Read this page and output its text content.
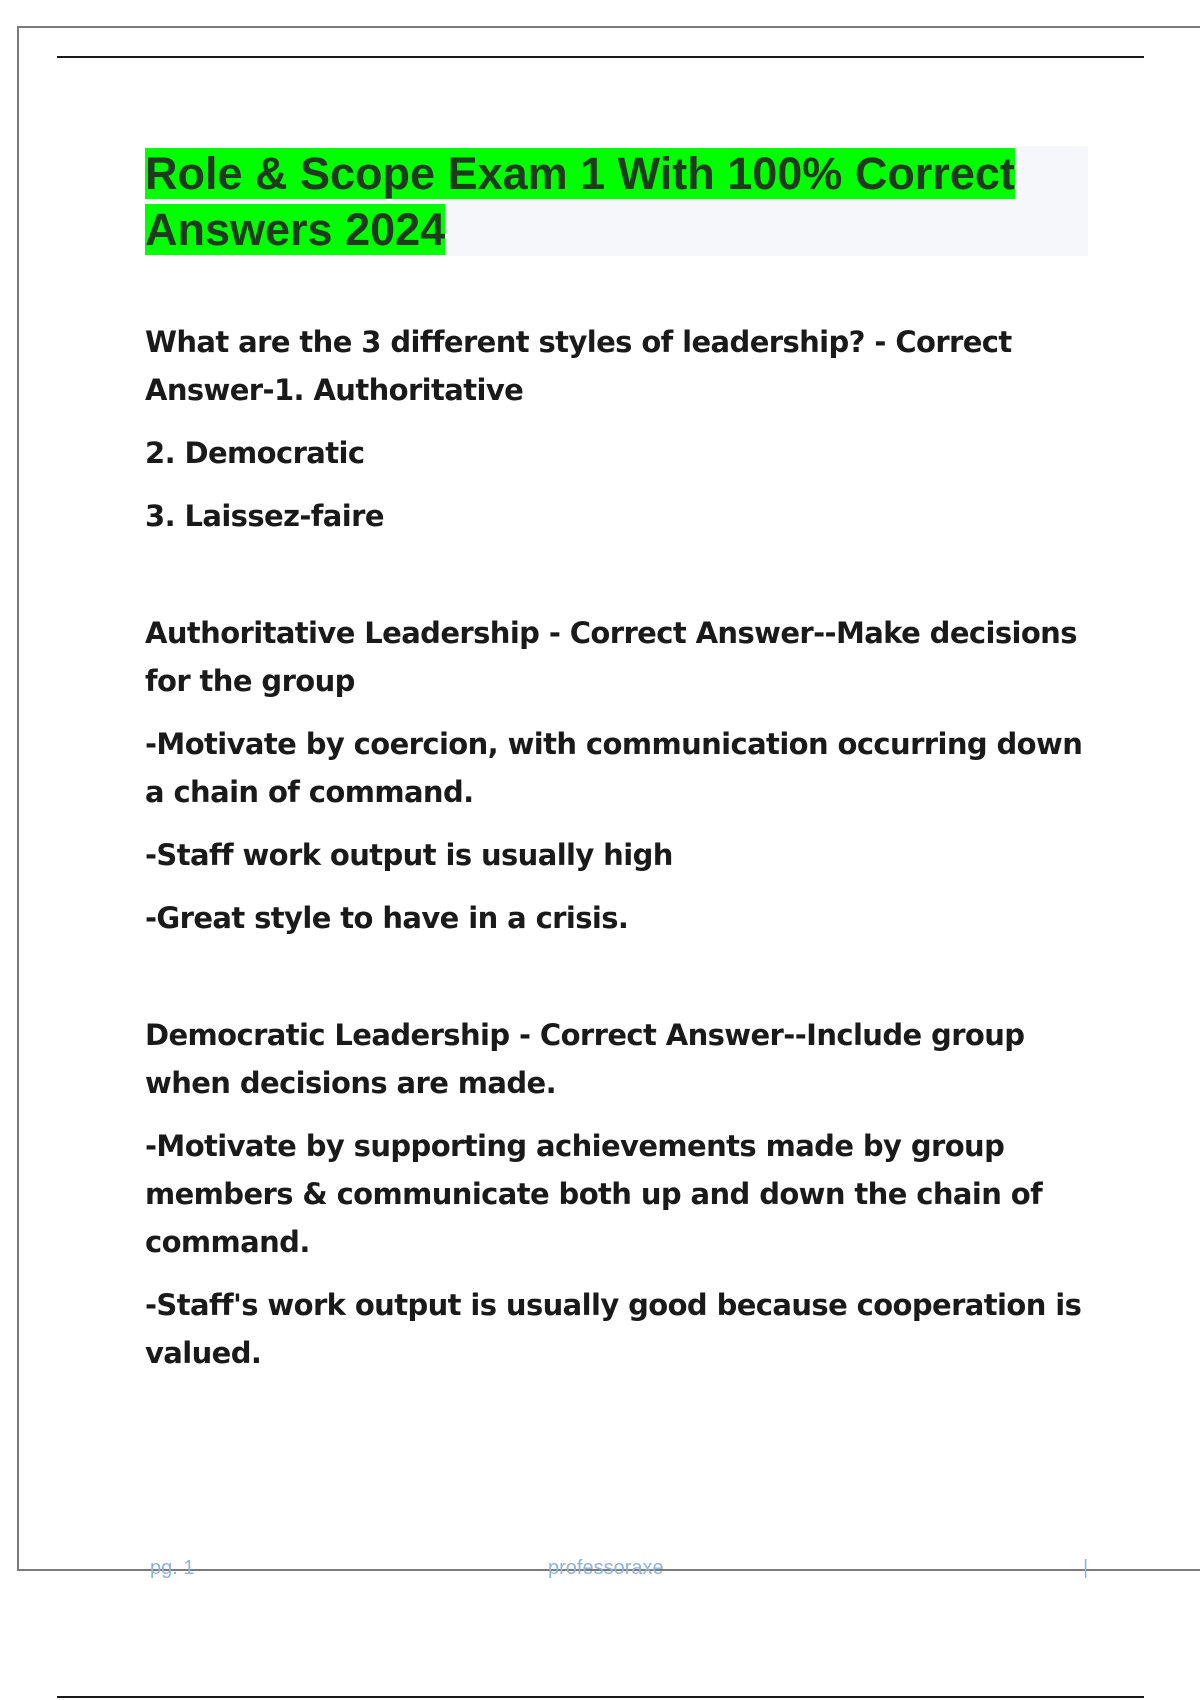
Role & Scope Exam 1 With 100% Correct
Answers 2024

What are the 3 different styles of leadership? - Correct Answer-1. Authoritative

2. Democratic

3. Laissez-faire

Authoritative Leadership - Correct Answer--Make decisions for the group

-Motivate by coercion, with communication occurring down a chain of command.

-Staff work output is usually high

-Great style to have in a crisis.

Democratic Leadership - Correct Answer--Include group when decisions are made.

-Motivate by supporting achievements made by group members & communicate both up and down the chain of command.

-Staff's work output is usually good because cooperation is valued.

pg. 1	professoraxe	|
